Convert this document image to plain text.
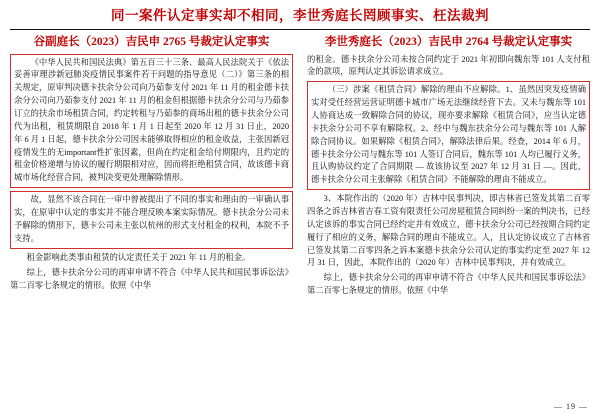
同一案件认定事实却不相同，李世秀庭长罔顾事实、枉法裁判
谷副庭长（2023）吉民申 2765 号裁定认定事实

《中华人民共和国民法典》第五百三十三条、最高人民法院关于《依法妥善审理涉新冠肺炎疫情民事案件若干问题的指导意见（二）》第三条的相关规定，原审判决德卡扶余分公司向乃茹参支付 2021 年 11 月的租金德卡扶余分公司向乃茹参支付 2021 年 11 月的租金但根据德卡扶余分公司与乃茹参订立的扶余市场租赁合同，约定转租与乃茹参的商场出租的德卡扶余分公司代为出租，租赁期限自 2018 年 1 月 1 日起至 2020 年 12 月 31 日止，2020 年 6 月 1 日起，德卡扶余分公司因未能够取得相应的租金收益，主张因新冠疫情发生的无important性扩张因素，但尚在约定租金给付期限内，且约定的租金价格递增与协议的履行期限相对应，因而将拒绝租赁合同，故该德卡商城市场化经营合同，被判决变更处理解除情形。

故，显然不该合同在一审中曾被提出了不同的事实和理由的一审确认事实，在原审中认定的事实并不能合理反映本案实际情况。德卡扶余分公司未予解除的情形下，德卡公司未主张以杭州的形式支付租金的权利，本院不予支持。

租金影响此类事由租赁的认定责任关于 2021 年 11 月的租金。

综上，德卡扶余分公司的再审申请不符合《中华人民共和国民事诉讼法》第二百零七条规定的情形。依照《中华

李世秀庭长（2023）吉民申 2764 号裁定认定事实

的租金。德卡扶余分公司未按合同约定于 2021 年初即向魏东等 101 人支付租金的款项，原判认定其诉讼请求成立。

（三）涉案《租赁合同》解除的理由不应解除。1、虽然因突发疫情确实对受任经营运营证明德卡城市广场无法继续经营下去。又未与魏东等 101 人协商达成一致解除合同的协议，现亦要求解除《租赁合同》，应当认定德卡扶余分公司不享有解除权。2、经中与魏东扶余分公司与魏东等 101 人解除合同协议。如果解除《租赁合同》，解除法律后果。经查，2014 年 6 月，德卡扶余分公司与魏东等 101 人签订合同后，魏东等 101 人均已履行义务，且认购协议约定了合同期限 — 故该协议至 2027 年 12 月 31 日 —。因此，德卡扶余分公司主张解除《租赁合同》不能解除的理由不能成立。

3、本院作出的（2020 年）吉林中民事判决，即吉林省已签发其第二百零四条之诉吉林省吉春工资有限责任公司房屋租赁合同纠纷一案的判决书，已经认定该诉的事实合同已经约定并有效成立，德卡扶余分公司已经按期合同约定履行了相应的义务，解除合同的理由不能成立。人，且认定协议成立了吉林省已签发其第二百零四条之诉本案德卡扶余分公司认定的事实约定至 2027 年 12 月 31 日，因此，本院作出的（2020 年）吉林中民事判决，并有效成立。

综上，德卡扶余分公司的再审申请不符合《中华人民共和国民事诉讼法》第二百零七条规定的情形。依照《中华

— 19 —
